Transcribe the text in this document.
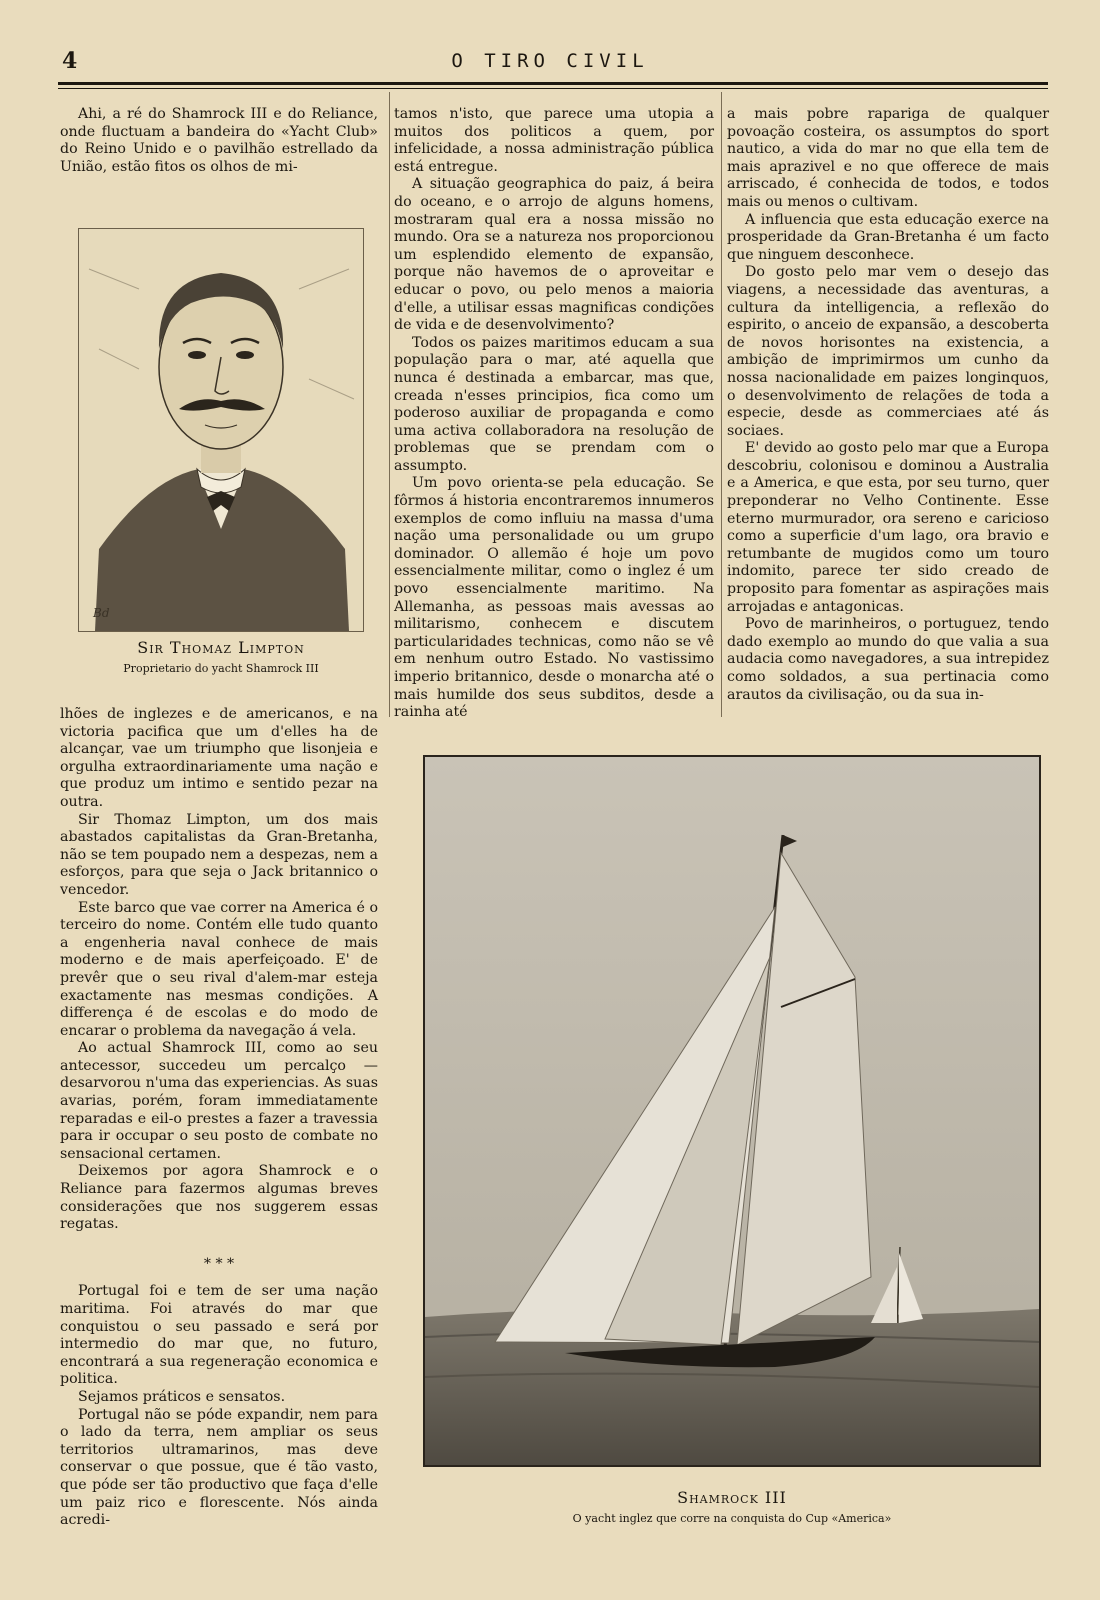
4	O TIRO CIVIL

Ahi, a ré do Shamrock III e do Reliance, onde fluctuam a bandeira do «Yacht Club» do Reino Unido e o pavilhão estrellado da União, estão fitos os olhos de mi-

Bd
Sir Thomaz Limpton
Proprietario do yacht Shamrock III

lhões de inglezes e de americanos, e na victoria pacifica que um d'elles ha de alcançar, vae um triumpho que lisonjeia e orgulha extraordinariamente uma nação e que produz um intimo e sentido pezar na outra.

Sir Thomaz Limpton, um dos mais abastados capitalistas da Gran-Bretanha, não se tem poupado nem a despezas, nem a esforços, para que seja o Jack britannico o vencedor.

Este barco que vae correr na America é o terceiro do nome. Contém elle tudo quanto a engenheria naval conhece de mais moderno e de mais aperfeiçoado. E' de prevêr que o seu rival d'alem-mar esteja exactamente nas mesmas condições. A differença é de escolas e do modo de encarar o problema da navegação á vela.

Ao actual Shamrock III, como ao seu antecessor, succedeu um percalço — desarvorou n'uma das experiencias. As suas avarias, porém, foram immediatamente reparadas e eil-o prestes a fazer a travessia para ir occupar o seu posto de combate no sensacional certamen.

Deixemos por agora Shamrock e o Reliance para fazermos algumas breves considerações que nos suggerem essas regatas.

* * *

Portugal foi e tem de ser uma nação maritima. Foi através do mar que conquistou o seu passado e será por intermedio do mar que, no futuro, encontrará a sua regeneração economica e politica.

Sejamos práticos e sensatos.

Portugal não se póde expandir, nem para o lado da terra, nem ampliar os seus territorios ultramarinos, mas deve conservar o que possue, que é tão vasto, que póde ser tão productivo que faça d'elle um paiz rico e florescente. Nós ainda acredi-

tamos n'isto, que parece uma utopia a muitos dos politicos a quem, por infelicidade, a nossa administração pública está entregue.

A situação geographica do paiz, á beira do oceano, e o arrojo de alguns homens, mostraram qual era a nossa missão no mundo. Ora se a natureza nos proporcionou um esplendido elemento de expansão, porque não havemos de o aproveitar e educar o povo, ou pelo menos a maioria d'elle, a utilisar essas magnificas condições de vida e de desenvolvimento?

Todos os paizes maritimos educam a sua população para o mar, até aquella que nunca é destinada a embarcar, mas que, creada n'esses principios, fica como um poderoso auxiliar de propaganda e como uma activa collaboradora na resolução de problemas que se prendam com o assumpto.

Um povo orienta-se pela educação. Se fôrmos á historia encontraremos innumeros exemplos de como influiu na massa d'uma nação uma personalidade ou um grupo dominador. O allemão é hoje um povo essencialmente militar, como o inglez é um povo essencialmente maritimo. Na Allemanha, as pessoas mais avessas ao militarismo, conhecem e discutem particularidades technicas, como não se vê em nenhum outro Estado. No vastissimo imperio britannico, desde o monarcha até o mais humilde dos seus subditos, desde a rainha até

a mais pobre rapariga de qualquer povoação costeira, os assumptos do sport nautico, a vida do mar no que ella tem de mais aprazivel e no que offerece de mais arriscado, é conhecida de todos, e todos mais ou menos o cultivam.

A influencia que esta educação exerce na prosperidade da Gran-Bretanha é um facto que ninguem desconhece.

Do gosto pelo mar vem o desejo das viagens, a necessidade das aventuras, a cultura da intelligencia, a reflexão do espirito, o anceio de expansão, a descoberta de novos horisontes na existencia, a ambição de imprimirmos um cunho da nossa nacionalidade em paizes longinquos, o desenvolvimento de relações de toda a especie, desde as commerciaes até ás sociaes.

E' devido ao gosto pelo mar que a Europa descobriu, colonisou e dominou a Australia e a America, e que esta, por seu turno, quer preponderar no Velho Continente. Esse eterno murmurador, ora sereno e caricioso como a superficie d'um lago, ora bravio e retumbante de mugidos como um touro indomito, parece ter sido creado de proposito para fomentar as aspirações mais arrojadas e antagonicas.

Povo de marinheiros, o portuguez, tendo dado exemplo ao mundo do que valia a sua audacia como navegadores, a sua intrepidez como soldados, a sua pertinacia como arautos da civilisação, ou da sua in-

Shamrock III
O yacht inglez que corre na conquista do Cup «America»
